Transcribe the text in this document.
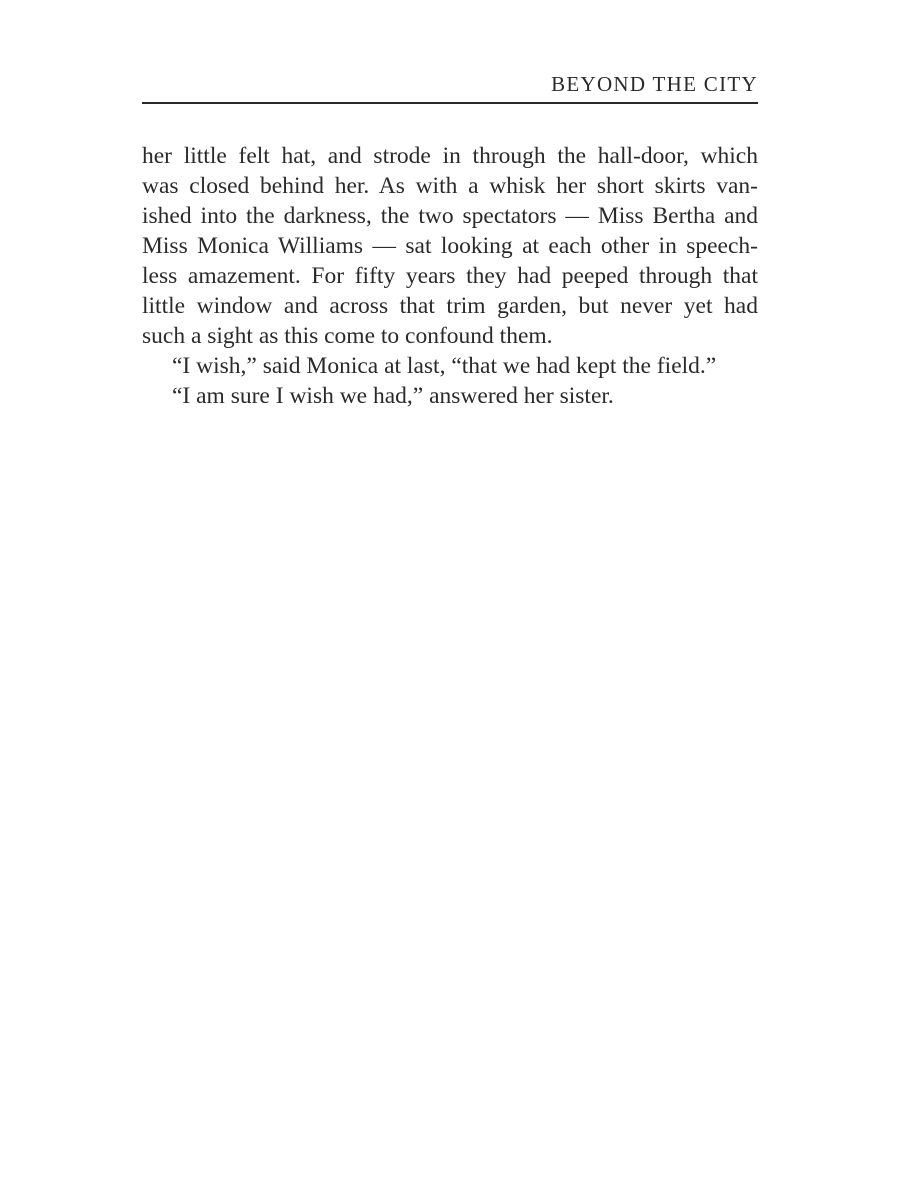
BEYOND THE CITY
her little felt hat, and strode in through the hall-door, which
was closed behind her. As with a whisk her short skirts van-
ished into the darkness, the two spectators — Miss Bertha and
Miss Monica Williams — sat looking at each other in speech-
less amazement. For fifty years they had peeped through that
little window and across that trim garden, but never yet had
such a sight as this come to confound them.
“I wish,” said Monica at last, “that we had kept the field.”
“I am sure I wish we had,” answered her sister.
